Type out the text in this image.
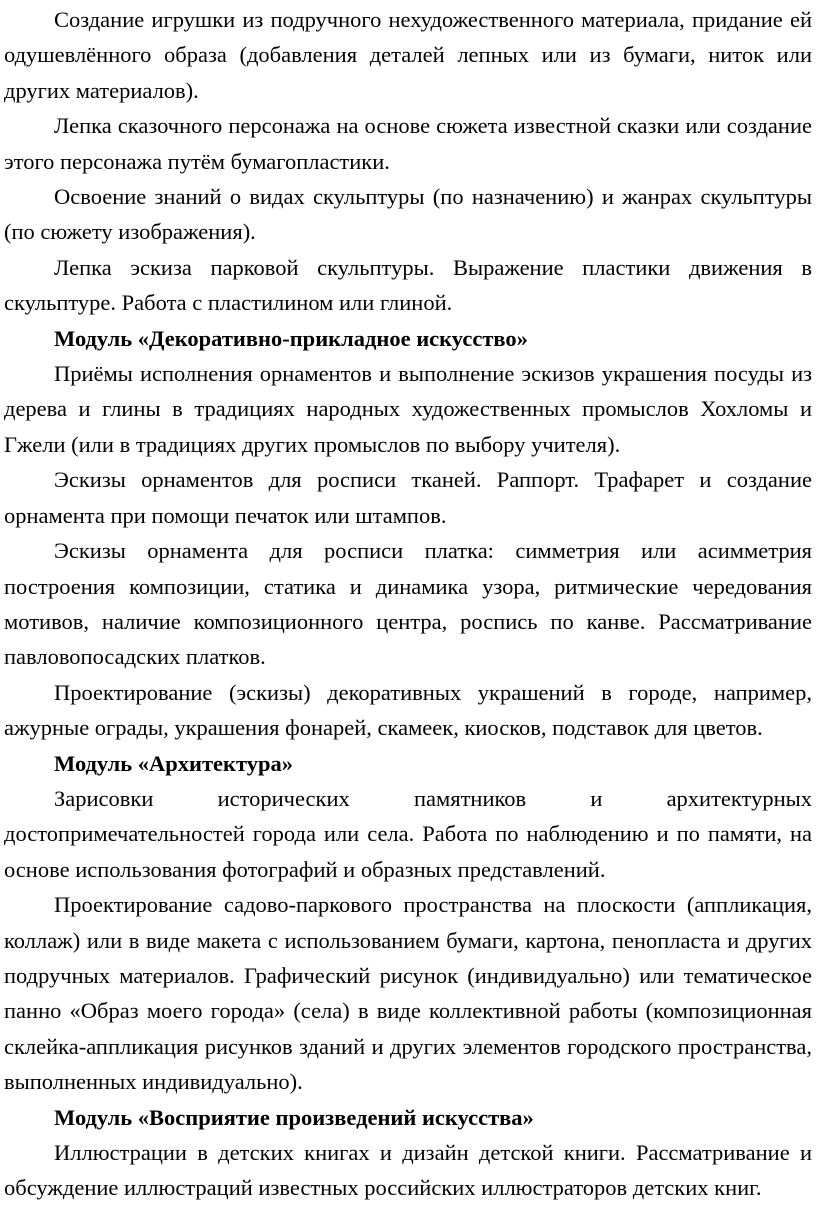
Создание игрушки из подручного нехудожественного материала, придание ей одушевлённого образа (добавления деталей лепных или из бумаги, ниток или других материалов).

Лепка сказочного персонажа на основе сюжета известной сказки или создание этого персонажа путём бумагопластики.

Освоение знаний о видах скульптуры (по назначению) и жанрах скульптуры (по сюжету изображения).

Лепка эскиза парковой скульптуры. Выражение пластики движения в скульптуре. Работа с пластилином или глиной.

Модуль «Декоративно-прикладное искусство»

Приёмы исполнения орнаментов и выполнение эскизов украшения посуды из дерева и глины в традициях народных художественных промыслов Хохломы и Гжели (или в традициях других промыслов по выбору учителя).

Эскизы орнаментов для росписи тканей. Раппорт. Трафарет и создание орнамента при помощи печаток или штампов.

Эскизы орнамента для росписи платка: симметрия или асимметрия построения композиции, статика и динамика узора, ритмические чередования мотивов, наличие композиционного центра, роспись по канве. Рассматривание павловопосадских платков.

Проектирование (эскизы) декоративных украшений в городе, например, ажурные ограды, украшения фонарей, скамеек, киосков, подставок для цветов.

Модуль «Архитектура»

Зарисовки исторических памятников и архитектурных достопримечательностей города или села. Работа по наблюдению и по памяти, на основе использования фотографий и образных представлений.

Проектирование садово-паркового пространства на плоскости (аппликация, коллаж) или в виде макета с использованием бумаги, картона, пенопласта и других подручных материалов. Графический рисунок (индивидуально) или тематическое панно «Образ моего города» (села) в виде коллективной работы (композиционная склейка-аппликация рисунков зданий и других элементов городского пространства, выполненных индивидуально).

Модуль «Восприятие произведений искусства»

Иллюстрации в детских книгах и дизайн детской книги. Рассматривание и обсуждение иллюстраций известных российских иллюстраторов детских книг.
